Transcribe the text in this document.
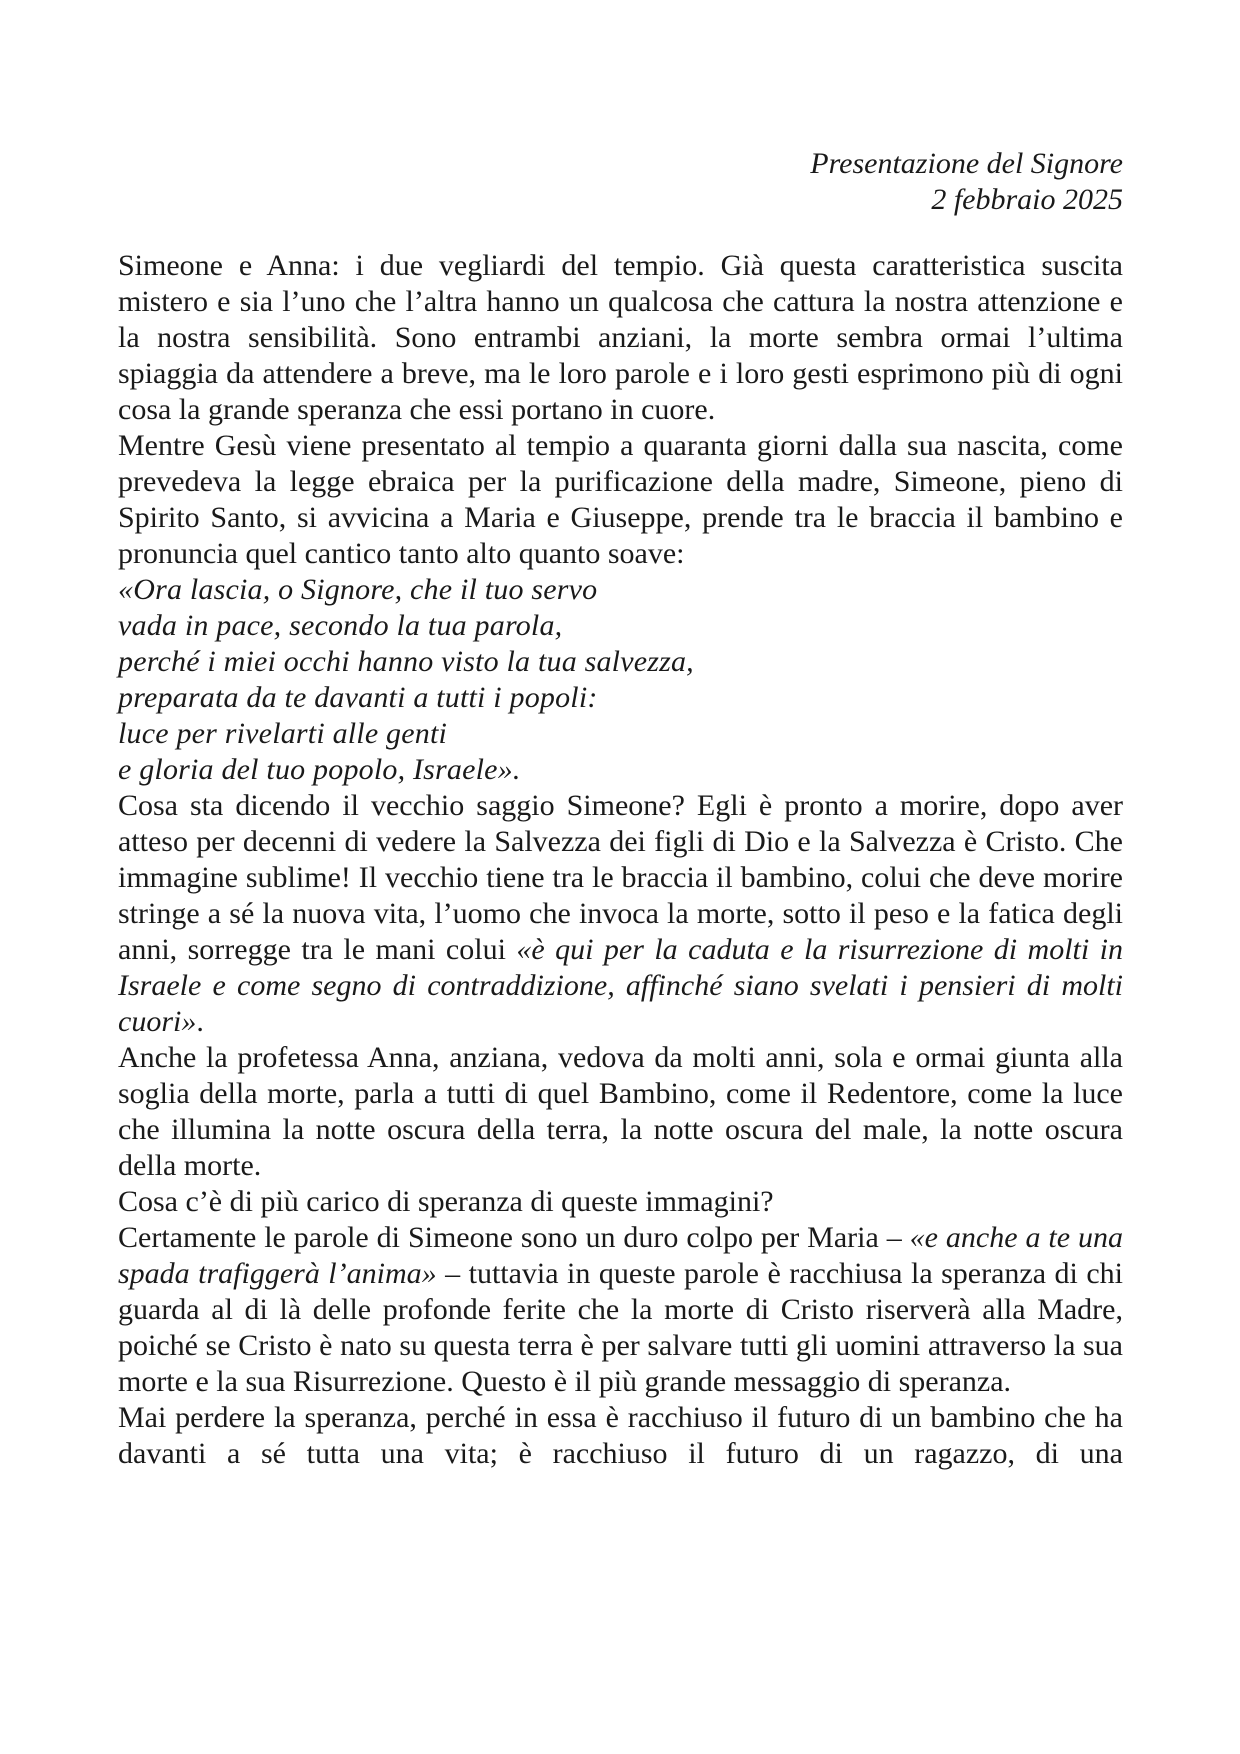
Presentazione del Signore
2 febbraio 2025
Simeone e Anna: i due vegliardi del tempio. Già questa caratteristica suscita mistero e sia l’uno che l’altra hanno un qualcosa che cattura la nostra attenzione e la nostra sensibilità. Sono entrambi anziani, la morte sembra ormai l’ultima spiaggia da attendere a breve, ma le loro parole e i loro gesti esprimono più di ogni cosa la grande speranza che essi portano in cuore.
Mentre Gesù viene presentato al tempio a quaranta giorni dalla sua nascita, come prevedeva la legge ebraica per la purificazione della madre, Simeone, pieno di Spirito Santo, si avvicina a Maria e Giuseppe, prende tra le braccia il bambino e pronuncia quel cantico tanto alto quanto soave:
«Ora lascia, o Signore, che il tuo servo
vada in pace, secondo la tua parola,
perché i miei occhi hanno visto la tua salvezza,
preparata da te davanti a tutti i popoli:
luce per rivelarti alle genti
e gloria del tuo popolo, Israele».
Cosa sta dicendo il vecchio saggio Simeone? Egli è pronto a morire, dopo aver atteso per decenni di vedere la Salvezza dei figli di Dio e la Salvezza è Cristo. Che immagine sublime! Il vecchio tiene tra le braccia il bambino, colui che deve morire stringe a sé la nuova vita, l’uomo che invoca la morte, sotto il peso e la fatica degli anni, sorregge tra le mani colui «è qui per la caduta e la risurrezione di molti in Israele e come segno di contraddizione, affinché siano svelati i pensieri di molti cuori».
Anche la profetessa Anna, anziana, vedova da molti anni, sola e ormai giunta alla soglia della morte, parla a tutti di quel Bambino, come il Redentore, come la luce che illumina la notte oscura della terra, la notte oscura del male, la notte oscura della morte.
Cosa c’è di più carico di speranza di queste immagini?
Certamente le parole di Simeone sono un duro colpo per Maria – «e anche a te una spada trafiggerà l’anima» – tuttavia in queste parole è racchiusa la speranza di chi guarda al di là delle profonde ferite che la morte di Cristo riserverà alla Madre, poiché se Cristo è nato su questa terra è per salvare tutti gli uomini attraverso la sua morte e la sua Risurrezione. Questo è il più grande messaggio di speranza.
Mai perdere la speranza, perché in essa è racchiuso il futuro di un bambino che ha davanti a sé tutta una vita; è racchiuso il futuro di un ragazzo, di una
